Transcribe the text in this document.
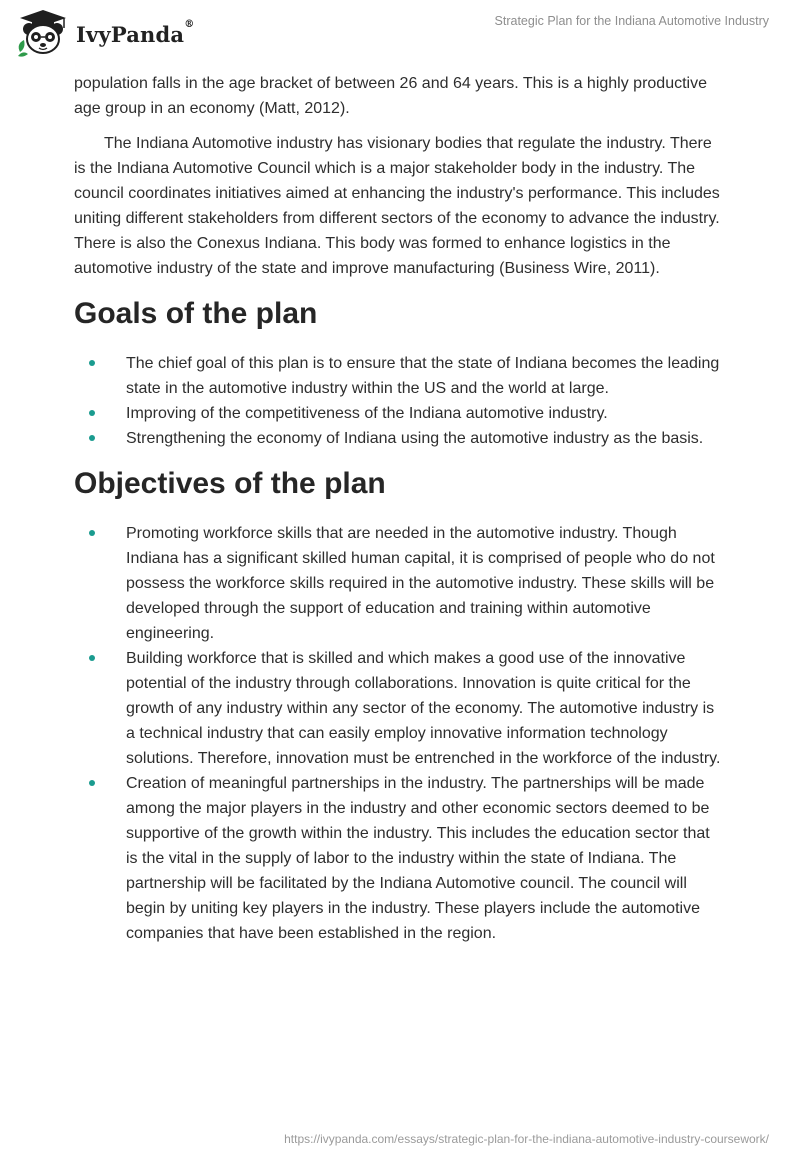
IvyPanda®	Strategic Plan for the Indiana Automotive Industry

population falls in the age bracket of between 26 and 64 years. This is a highly productive age group in an economy (Matt, 2012).

The Indiana Automotive industry has visionary bodies that regulate the industry. There is the Indiana Automotive Council which is a major stakeholder body in the industry. The council coordinates initiatives aimed at enhancing the industry's performance. This includes uniting different stakeholders from different sectors of the economy to advance the industry. There is also the Conexus Indiana. This body was formed to enhance logistics in the automotive industry of the state and improve manufacturing (Business Wire, 2011).

Goals of the plan
The chief goal of this plan is to ensure that the state of Indiana becomes the leading state in the automotive industry within the US and the world at large.
Improving of the competitiveness of the Indiana automotive industry.
Strengthening the economy of Indiana using the automotive industry as the basis.
Objectives of the plan
Promoting workforce skills that are needed in the automotive industry. Though Indiana has a significant skilled human capital, it is comprised of people who do not possess the workforce skills required in the automotive industry. These skills will be developed through the support of education and training within automotive engineering.
Building workforce that is skilled and which makes a good use of the innovative potential of the industry through collaborations. Innovation is quite critical for the growth of any industry within any sector of the economy. The automotive industry is a technical industry that can easily employ innovative information technology solutions. Therefore, innovation must be entrenched in the workforce of the industry.
Creation of meaningful partnerships in the industry. The partnerships will be made among the major players in the industry and other economic sectors deemed to be supportive of the growth within the industry. This includes the education sector that is the vital in the supply of labor to the industry within the state of Indiana. The partnership will be facilitated by the Indiana Automotive council. The council will begin by uniting key players in the industry. These players include the automotive companies that have been established in the region.
https://ivypanda.com/essays/strategic-plan-for-the-indiana-automotive-industry-coursework/
